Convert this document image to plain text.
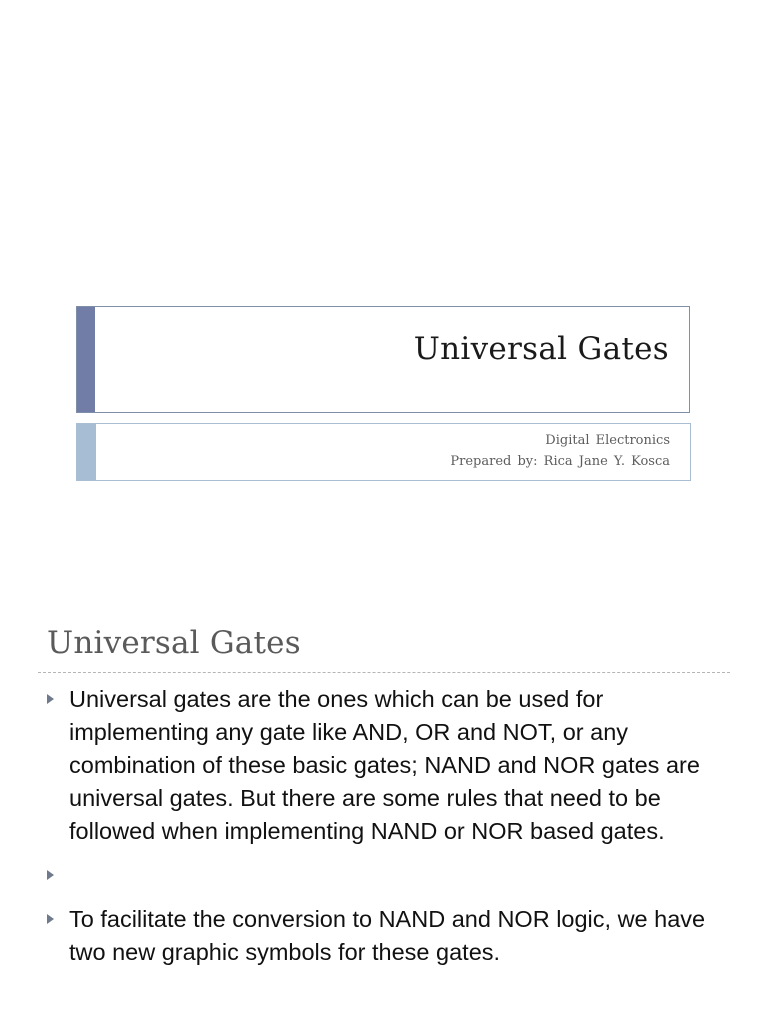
Universal Gates
Digital Electronics
Prepared by: Rica Jane Y. Kosca
Universal Gates
Universal gates are the ones which can be used for implementing any gate like AND, OR and NOT, or any combination of these basic gates; NAND and NOR gates are universal gates. But there are some rules that need to be followed when implementing NAND or NOR based gates.
To facilitate the conversion to NAND and NOR logic, we have two new graphic symbols for these gates.
